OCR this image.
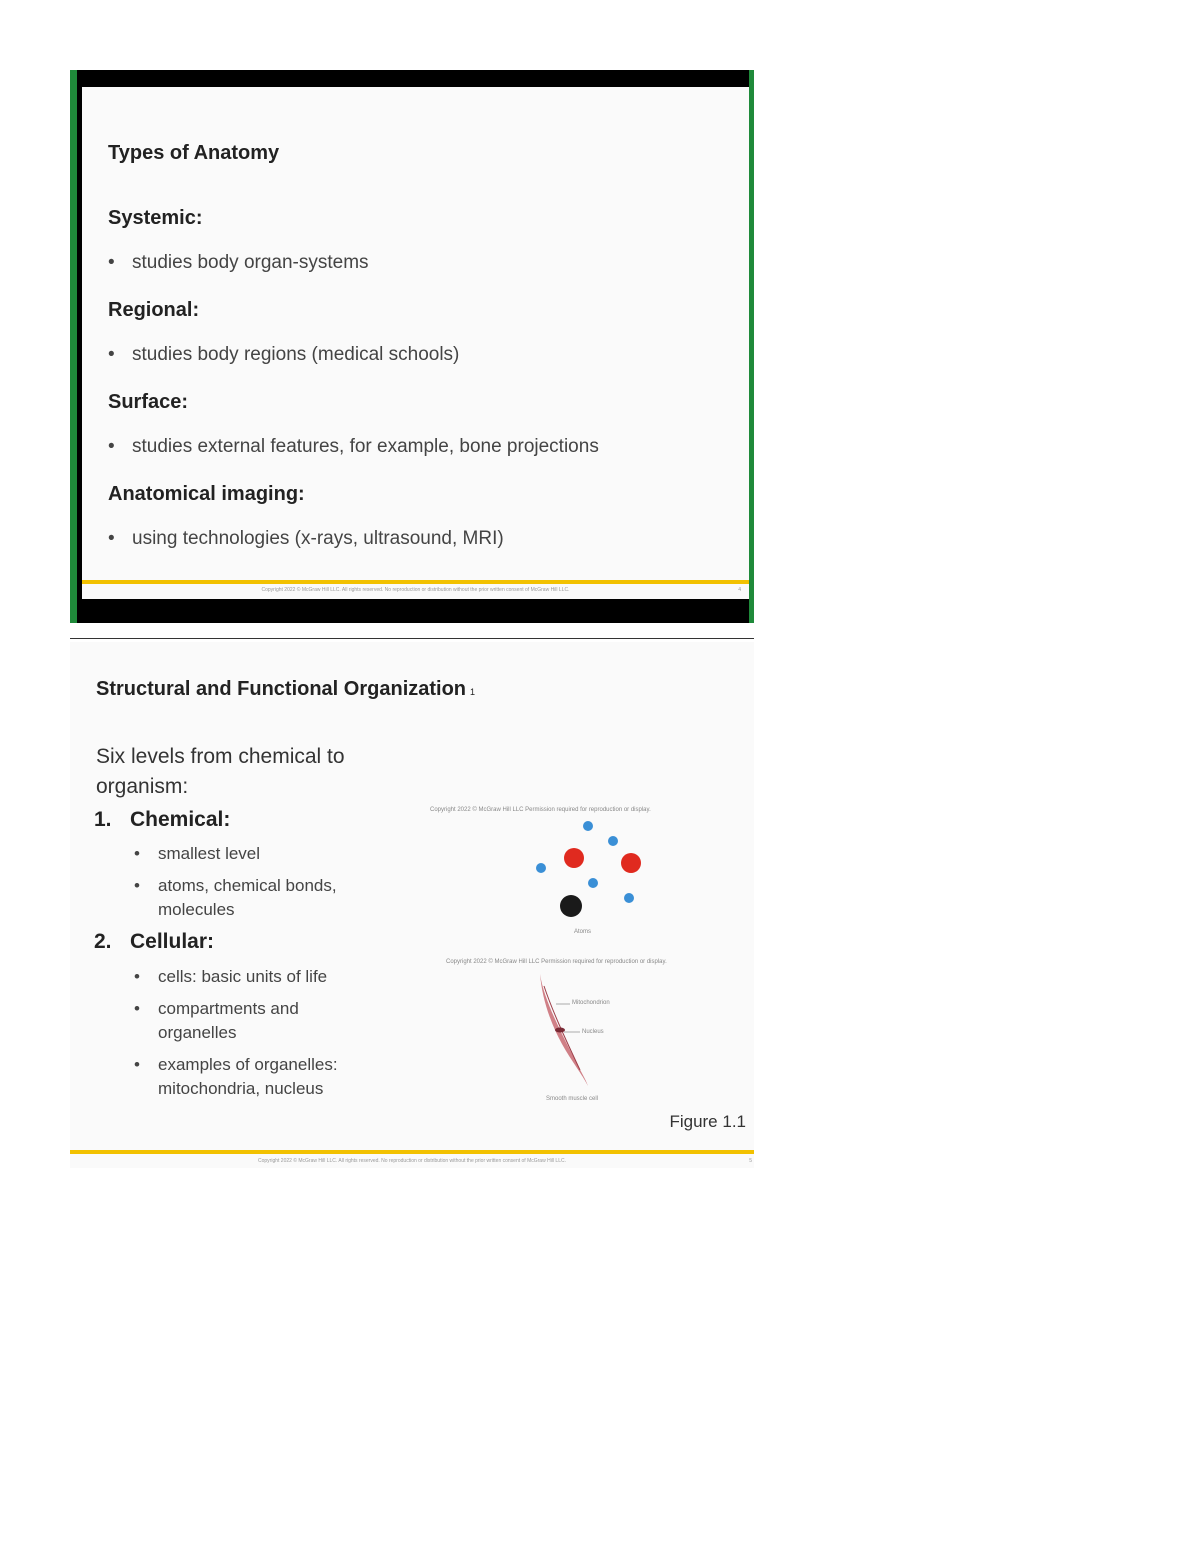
Types of Anatomy
Systemic:
• studies body organ-systems
Regional:
• studies body regions (medical schools)
Surface:
• studies external features, for example, bone projections
Anatomical imaging:
• using technologies (x-rays, ultrasound, MRI)
Copyright 2022 © McGraw Hill LLC. All rights reserved. No reproduction or distribution without the prior written consent of McGraw Hill LLC.	4
Structural and Functional Organization 1
Six levels from chemical to organism:
1. Chemical:
• smallest level
• atoms, chemical bonds, molecules
2. Cellular:
• cells: basic units of life
• compartments and organelles
• examples of organelles: mitochondria, nucleus
Copyright 2022 © McGraw Hill LLC Permission required for reproduction or display.
Atoms
Copyright 2022 © McGraw Hill LLC Permission required for reproduction or display.
Mitochondrion
Nucleus
Smooth muscle cell
Figure 1.1
Copyright 2022 © McGraw Hill LLC. All rights reserved. No reproduction or distribution without the prior written consent of McGraw Hill LLC.	5
